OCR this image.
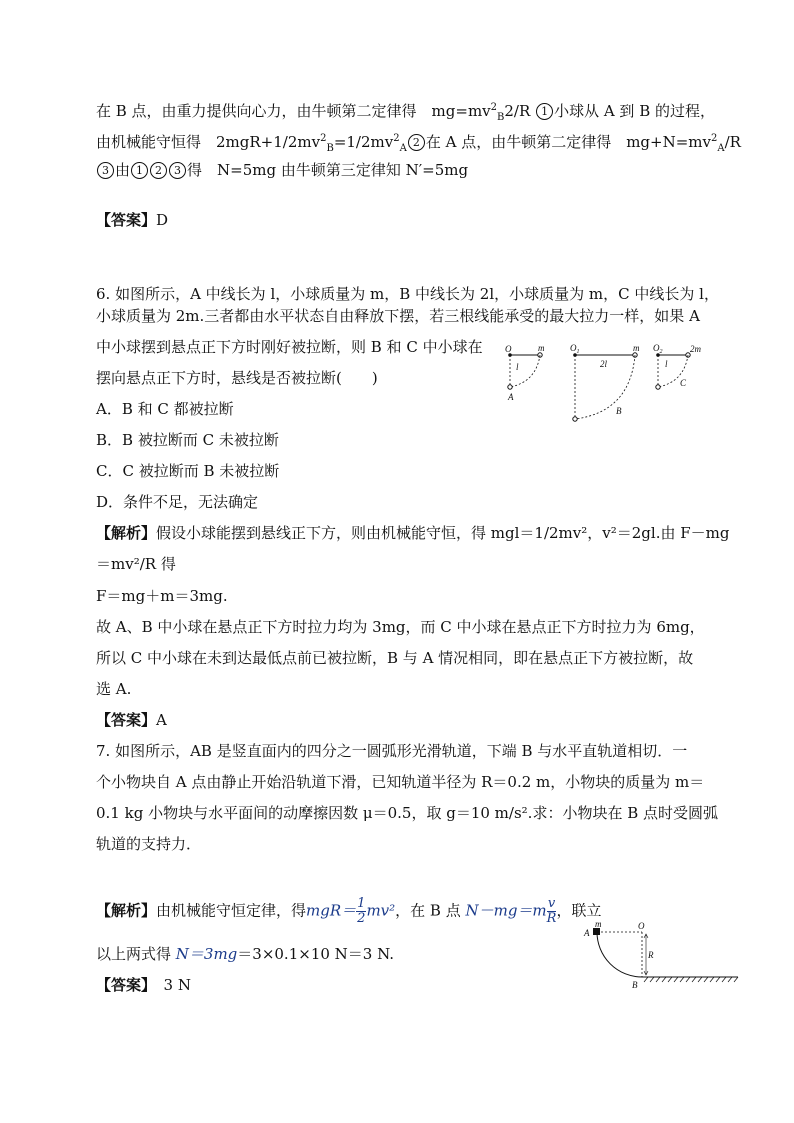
在 B 点，由重力提供向心力，由牛顿第二定律得　$mg=mv^2_B2/R$ 1 小球从 A 到 B 的过程，
由机械能守恒得　$2mgR+1/2mv^2_B=1/2mv^2_A$ 2 在 A 点，由牛顿第二定律得　$mg+N=mv^2_A/R$
3 由 1 2 3 得　N=5mg 由牛顿第三定律知 N′=5mg
【答案】D
6. 如图所示，A 中线长为 l，小球质量为 m，B 中线长为 2l，小球质量为 m，C 中线长为 l，
小球质量为 2m.三者都由水平状态自由释放下摆，若三根线能承受的最大拉力一样，如果 A
中小球摆到悬点正下方时刚好被拉断，则 B 和 C 中小球在
摆向悬点正下方时，悬线是否被拉断(　　)
A．B 和 C 都被拉断
B．B 被拉断而 C 未被拉断
C．C 被拉断而 B 未被拉断
D．条件不足，无法确定
O	m
l
A
$O_1$	m
2l
B
$O_2$	2m
l
C
【解析】假设小球能摆到悬线正下方，则由机械能守恒，得 mgl＝1/2mv²，v²＝2gl.由 F－mg
＝mv²/R 得
F＝mg＋m＝3mg.
故 A、B 中小球在悬点正下方时拉力均为 3mg，而 C 中小球在悬点正下方时拉力为 6mg，
所以 C 中小球在未到达最低点前已被拉断，B 与 A 情况相同，即在悬点正下方被拉断，故
选 A.
【答案】A
7. 如图所示，AB 是竖直面内的四分之一圆弧形光滑轨道，下端 B 与水平直轨道相切．一
个小物块自 A 点由静止开始沿轨道下滑，已知轨道半径为 R＝0.2 m，小物块的质量为 m＝
0.1 kg 小物块与水平面间的动摩擦因数 μ＝0.5，取 g＝10 m/s².求：小物块在 B 点时受圆弧
轨道的支持力．
【解析】由机械能守恒定律，得$mgR= \frac{1}{2} mv^2$，在 B 点 $N-mg=m \frac{v}{R}$ ，联立
以上两式得 N＝3mg＝3×0.1×10 N＝3 N.
【答案】　3 N
m
A
O
R
B
